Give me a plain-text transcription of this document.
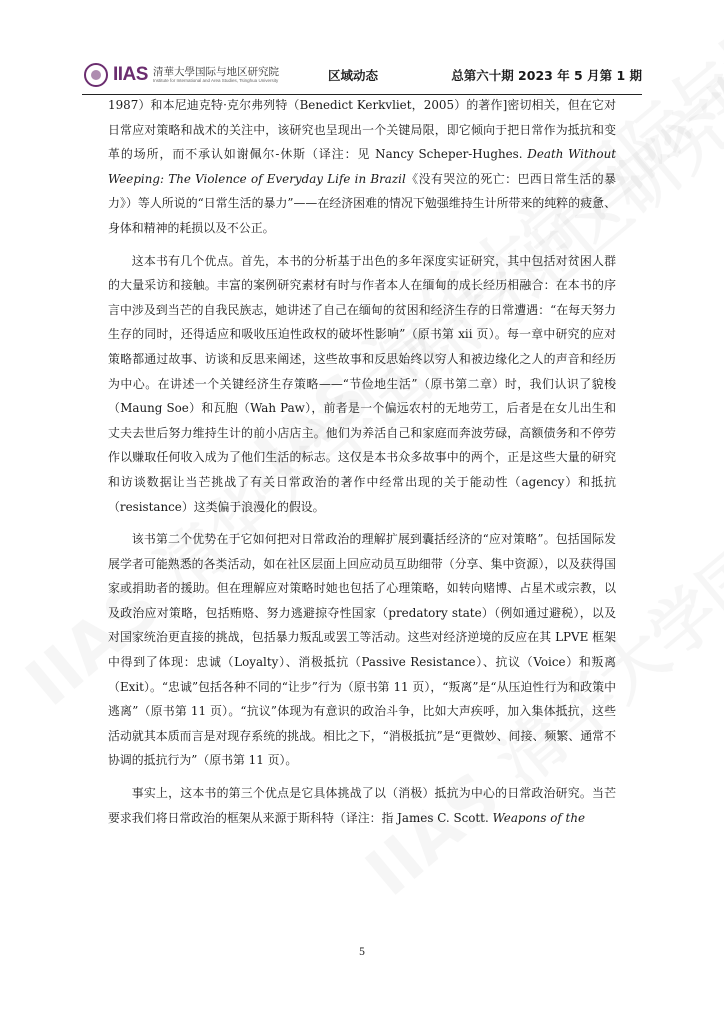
IIAS 清華大學国际与地区研究院
Institute for International and Area Studies, Tsinghua University	区域动态	总第六十期 2023 年 5 月第 1 期

1987）和本尼迪克特·克尔弗列特（Benedict Kerkvliet，2005）的著作]密切相关，但在它对日常应对策略和战术的关注中，该研究也呈现出一个关键局限，即它倾向于把日常作为抵抗和变革的场所，而不承认如谢佩尔-休斯（译注：见 Nancy Scheper-Hughes. Death Without Weeping: The Violence of Everyday Life in Brazil《没有哭泣的死亡：巴西日常生活的暴力》）等人所说的“日常生活的暴力”——在经济困难的情况下勉强维持生计所带来的纯粹的疲惫、身体和精神的耗损以及不公正。

这本书有几个优点。首先，本书的分析基于出色的多年深度实证研究，其中包括对贫困人群的大量采访和接触。丰富的案例研究素材有时与作者本人在缅甸的成长经历相融合：在本书的序言中涉及到当芒的自我民族志，她讲述了自己在缅甸的贫困和经济生存的日常遭遇：“在每天努力生存的同时，还得适应和吸收压迫性政权的破坏性影响”（原书第 xii 页）。每一章中研究的应对策略都通过故事、访谈和反思来阐述，这些故事和反思始终以穷人和被边缘化之人的声音和经历为中心。在讲述一个关键经济生存策略——“节俭地生活”（原书第二章）时，我们认识了貌梭（Maung Soe）和瓦胞（Wah Paw），前者是一个偏远农村的无地劳工，后者是在女儿出生和丈夫去世后努力维持生计的前小店店主。他们为养活自己和家庭而奔波劳碌，高额债务和不停劳作以赚取任何收入成为了他们生活的标志。这仅是本书众多故事中的两个，正是这些大量的研究和访谈数据让当芒挑战了有关日常政治的著作中经常出现的关于能动性（agency）和抵抗（resistance）这类偏于浪漫化的假设。

该书第二个优势在于它如何把对日常政治的理解扩展到囊括经济的“应对策略”。包括国际发展学者可能熟悉的各类活动，如在社区层面上回应动员互助细带（分享、集中资源），以及获得国家或捐助者的援助。但在理解应对策略时她也包括了心理策略，如转向赌博、占星术或宗教，以及政治应对策略，包括贿赂、努力逃避掠夺性国家（predatory state）（例如通过避税），以及对国家统治更直接的挑战，包括暴力叛乱或罢工等活动。这些对经济逆境的反应在其 LPVE 框架中得到了体现：忠诚（Loyalty）、消极抵抗（Passive Resistance）、抗议（Voice）和叛离（Exit）。“忠诚”包括各种不同的“让步”行为（原书第 11 页），“叛离”是“从压迫性行为和政策中逃离”（原书第 11 页）。“抗议”体现为有意识的政治斗争，比如大声疾呼，加入集体抵抗，这些活动就其本质而言是对现存系统的挑战。相比之下，“消极抵抗”是“更微妙、间接、频繁、通常不协调的抵抗行为”（原书第 11 页）。

事实上，这本书的第三个优点是它具体挑战了以（消极）抵抗为中心的日常政治研究。当芒要求我们将日常政治的框架从来源于斯科特（译注：指 James C. Scott. Weapons of the

5
